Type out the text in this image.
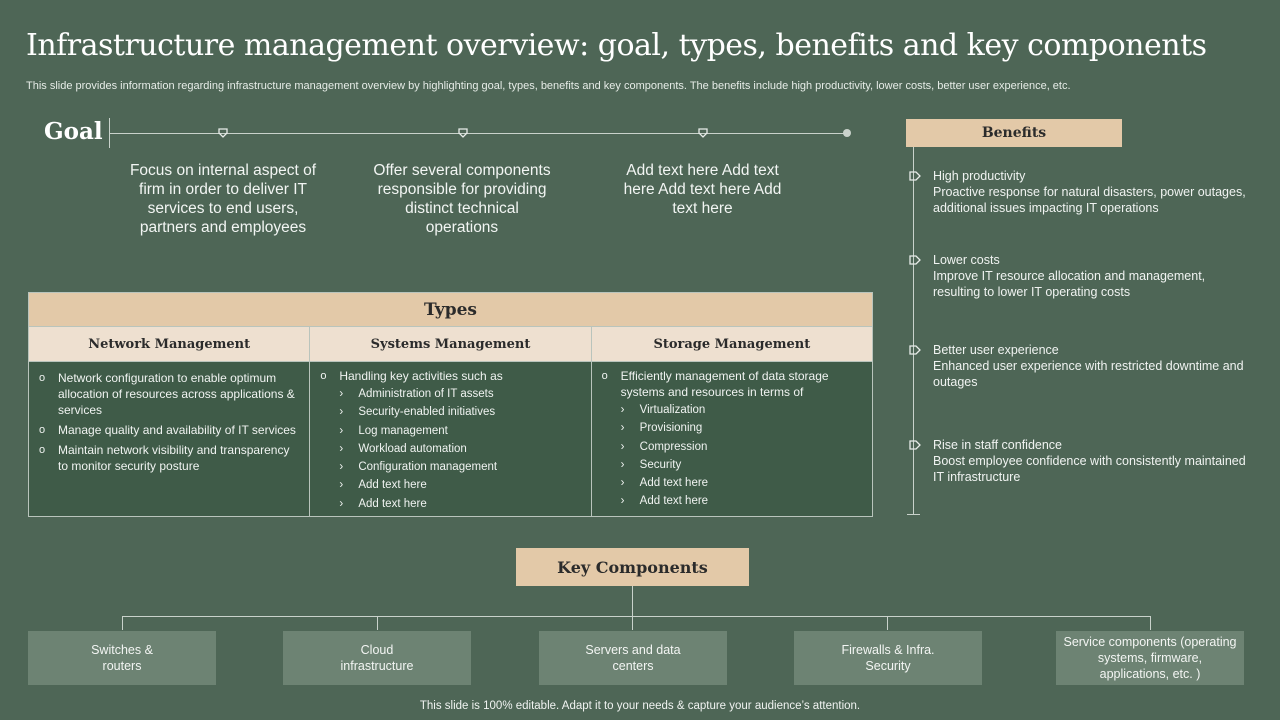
Infrastructure management overview: goal, types, benefits and key components
This slide provides information regarding infrastructure management overview by highlighting goal, types, benefits and key components. The benefits include high productivity, lower costs, better user experience, etc.
Goal
Focus on internal aspect of firm in order to deliver IT services to end users, partners and employees
Offer several components responsible for providing distinct technical operations
Add text here Add text here Add text here Add text here
Types
Network Management
o	Network configuration to enable optimum allocation of resources across applications & services
o	Manage quality and availability of IT services
o	Maintain network visibility and transparency to monitor security posture
Systems Management
o	Handling key activities such as
›	Administration of IT assets
›	Security-enabled initiatives
›	Log management
›	Workload automation
›	Configuration management
›	Add text here
›	Add text here
Storage Management
o	Efficiently management of data storage systems and resources in terms of
›	Virtualization
›	Provisioning
›	Compression
›	Security
›	Add text here
›	Add text here
Benefits
High productivity
Proactive response for natural disasters, power outages, additional issues impacting IT operations
Lower costs
Improve IT resource allocation and management, resulting to lower IT operating costs
Better user experience
Enhanced user experience with restricted downtime and outages
Rise in staff confidence
Boost employee confidence with consistently maintained IT infrastructure
Key Components
Switches & routers
Cloud infrastructure
Servers and data centers
Firewalls & Infra. Security
Service components (operating systems, firmware, applications, etc. )
This slide is 100% editable. Adapt it to your needs & capture your audience’s attention.
